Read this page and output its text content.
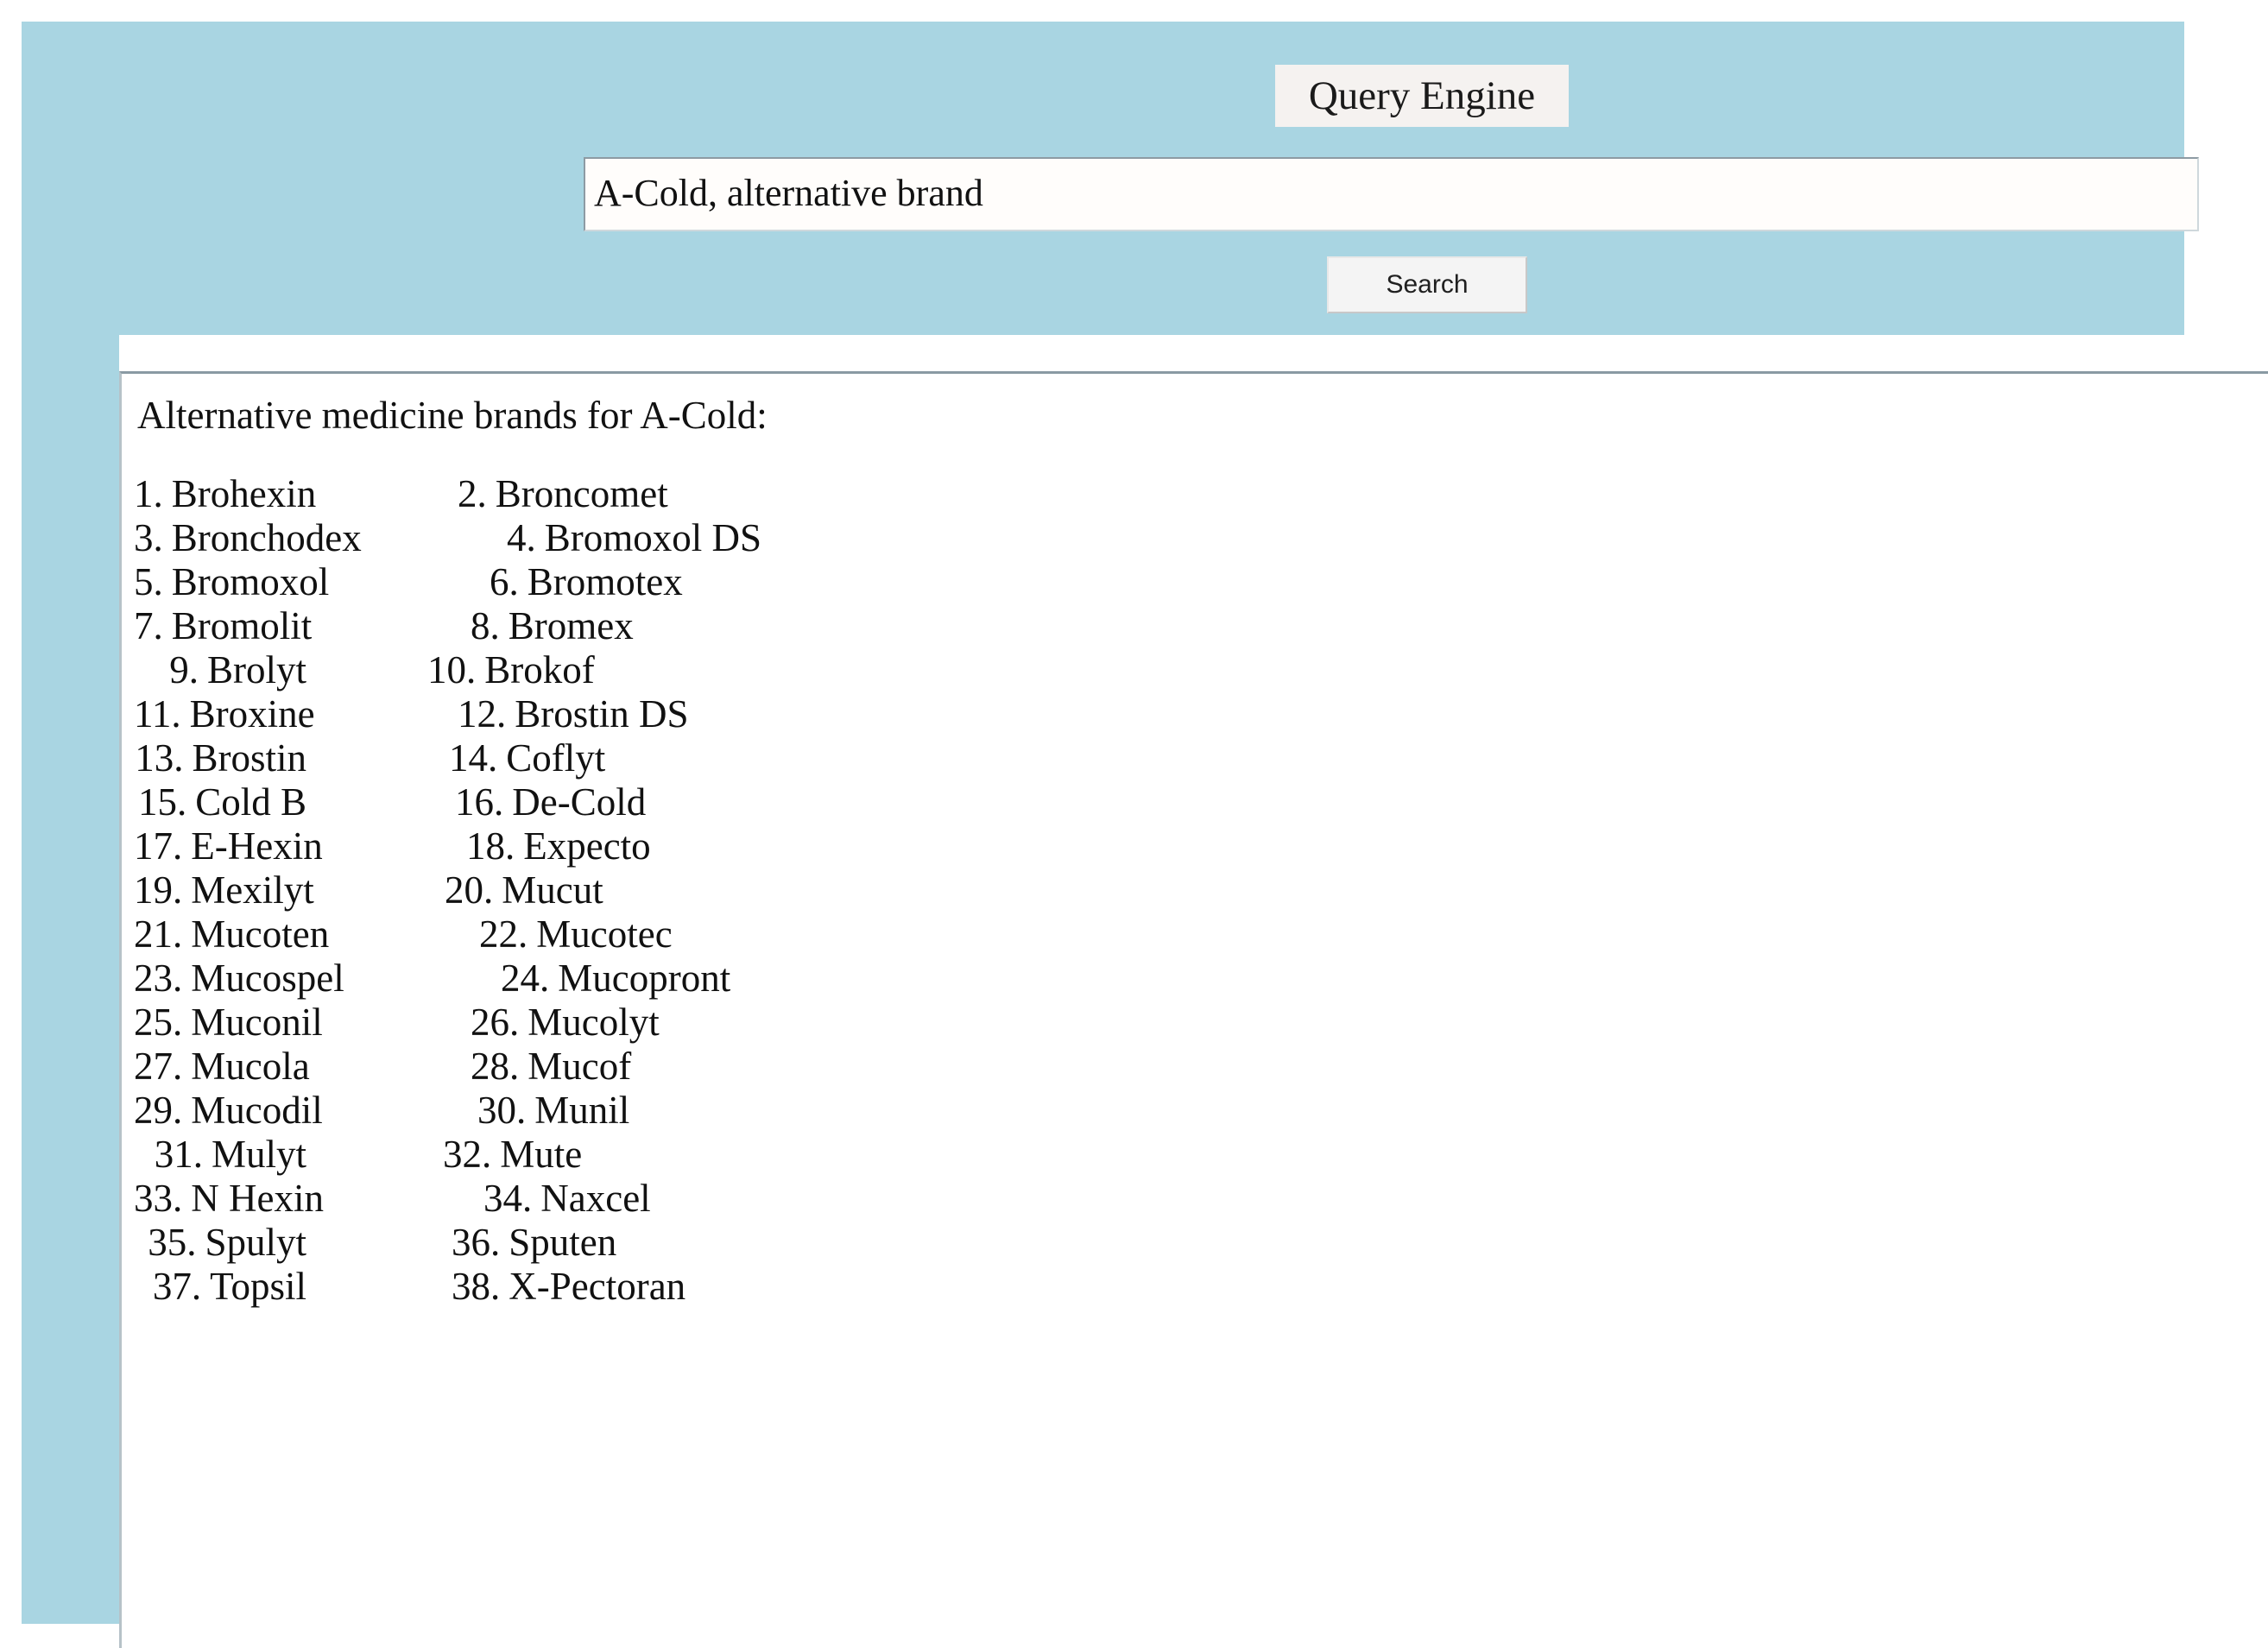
Query Engine
A-Cold, alternative brand
Search
Alternative medicine brands for A-Cold:
1. Brohexin	2. Broncomet
3. Bronchodex	4. Bromoxol DS
5. Bromoxol	6. Bromotex
7. Bromolit	8. Bromex
9. Brolyt	10. Brokof
11. Broxine	12. Brostin DS
13. Brostin	14. Coflyt
15. Cold B	16. De-Cold
17. E-Hexin	18. Expecto
19. Mexilyt	20. Mucut
21. Mucoten	22. Mucotec
23. Mucospel	24. Mucopront
25. Muconil	26. Mucolyt
27. Mucola	28. Mucof
29. Mucodil	30. Munil
31. Mulyt	32. Mute
33. N Hexin	34. Naxcel
35. Spulyt	36. Sputen
37. Topsil	38. X-Pectoran
